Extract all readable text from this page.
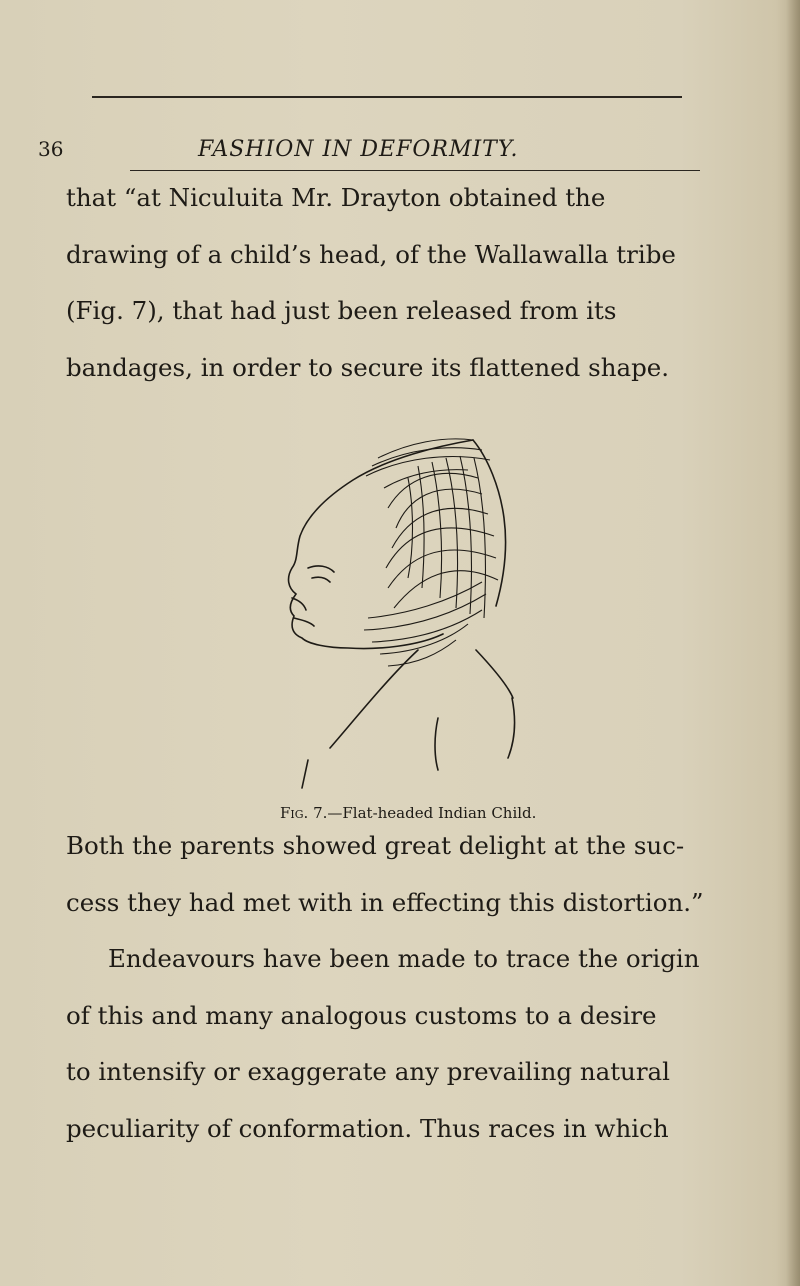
36	FASHION IN DEFORMITY.

that “at Niculuita Mr. Drayton obtained the

drawing of a child’s head, of the Wallawalla tribe

(Fig. 7), that had just been released from its

bandages, in order to secure its flattened shape.

Fig. 7.—Flat-headed Indian Child.

Both the parents showed great delight at the suc-

cess they had met with in effecting this distortion.”

Endeavours have been made to trace the origin

of this and many analogous customs to a desire

to intensify or exaggerate any prevailing natural

peculiarity of conformation. Thus races in which
